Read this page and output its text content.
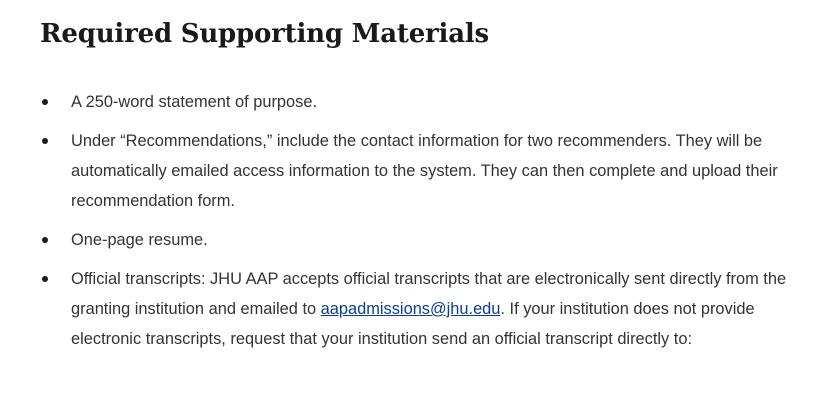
Required Supporting Materials
A 250-word statement of purpose.
Under “Recommendations,” include the contact information for two recommenders. They will be automatically emailed access information to the system. They can then complete and upload their recommendation form.
One-page resume.
Official transcripts: JHU AAP accepts official transcripts that are electronically sent directly from the granting institution and emailed to aapadmissions@jhu.edu. If your institution does not provide electronic transcripts, request that your institution send an official transcript directly to:
